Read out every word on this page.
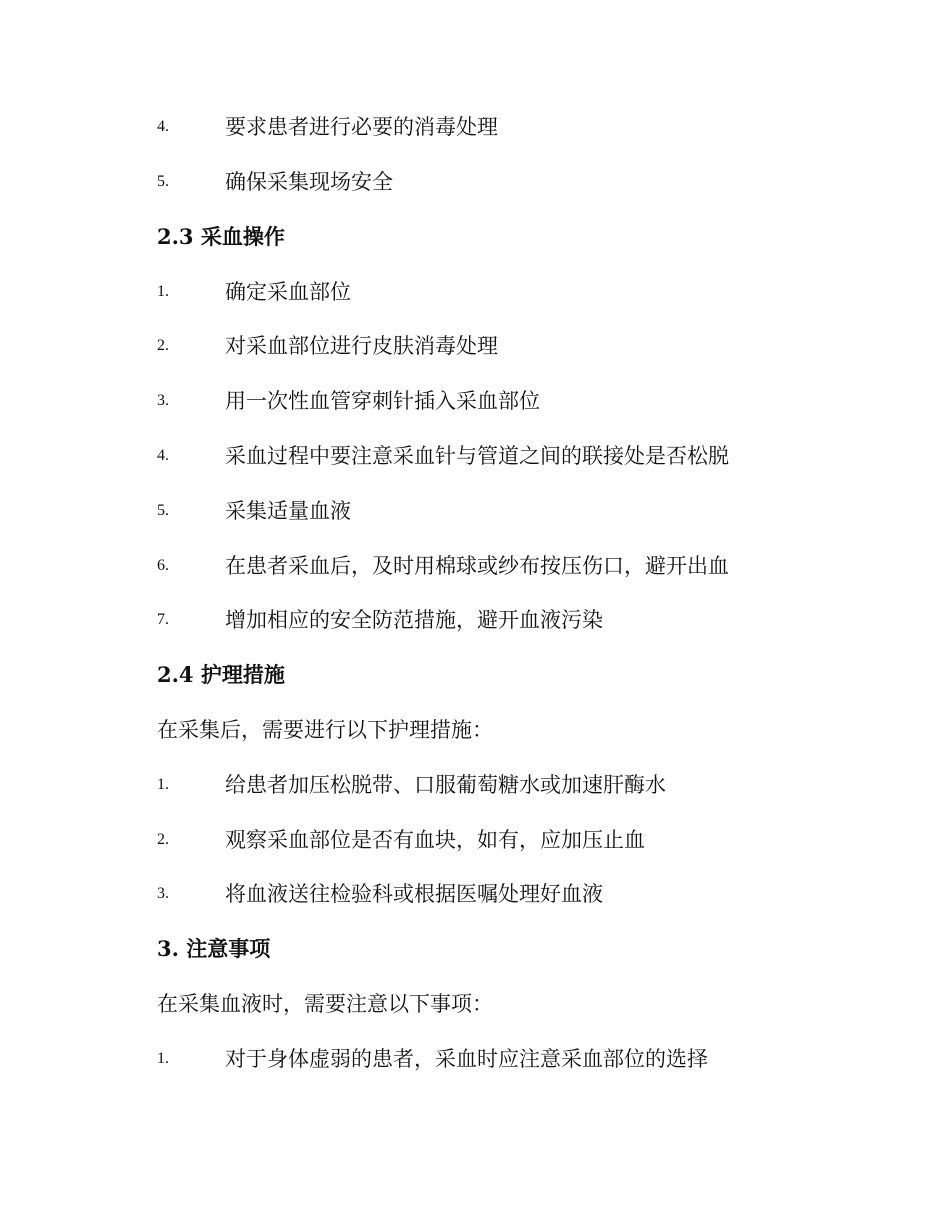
4.	要求患者进行必要的消毒处理
5.	确保采集现场安全
2.3 采血操作
1.	确定采血部位
2.	对采血部位进行皮肤消毒处理
3.	用一次性血管穿刺针插入采血部位
4.	采血过程中要注意采血针与管道之间的联接处是否松脱
5.	采集适量血液
6.	在患者采血后，及时用棉球或纱布按压伤口，避开出血
7.	增加相应的安全防范措施，避开血液污染
2.4 护理措施
在采集后，需要进行以下护理措施：
1.	给患者加压松脱带、口服葡萄糖水或加速肝酶水
2.	观察采血部位是否有血块，如有，应加压止血
3.	将血液送往检验科或根据医嘱处理好血液
3. 注意事项
在采集血液时，需要注意以下事项：
1.	对于身体虚弱的患者，采血时应注意采血部位的选择
